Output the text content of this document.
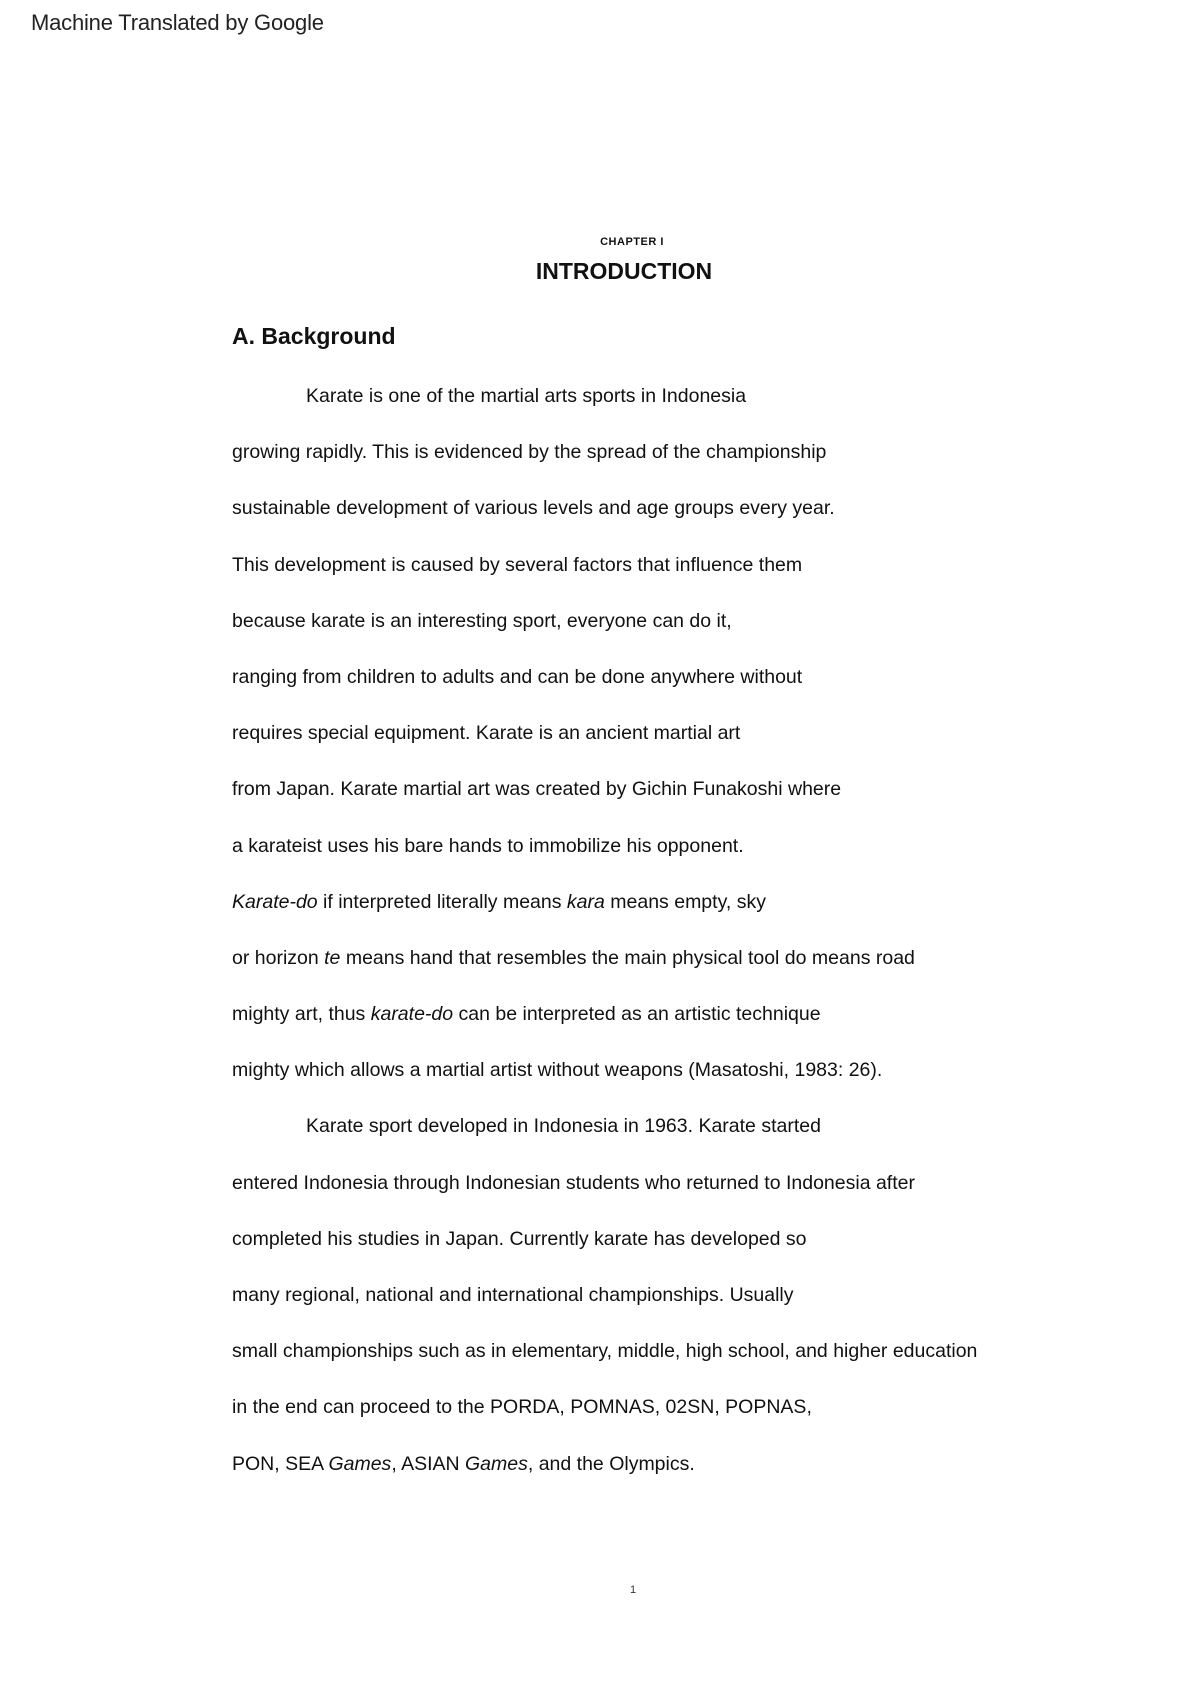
Machine Translated by Google
CHAPTER I
INTRODUCTION
A. Background
Karate is one of the martial arts sports in Indonesia
growing rapidly. This is evidenced by the spread of the championship
sustainable development of various levels and age groups every year.
This development is caused by several factors that influence them
because karate is an interesting sport, everyone can do it,
ranging from children to adults and can be done anywhere without
requires special equipment. Karate is an ancient martial art
from Japan. Karate martial art was created by Gichin Funakoshi where
a karateist uses his bare hands to immobilize his opponent.
Karate-do if interpreted literally means kara means empty, sky
or horizon te means hand that resembles the main physical tool do means road
mighty art, thus karate-do can be interpreted as an artistic technique
mighty which allows a martial artist without weapons (Masatoshi, 1983: 26).
Karate sport developed in Indonesia in 1963. Karate started
entered Indonesia through Indonesian students who returned to Indonesia after
completed his studies in Japan. Currently karate has developed so
many regional, national and international championships. Usually
small championships such as in elementary, middle, high school, and higher education
in the end can proceed to the PORDA, POMNAS, 02SN, POPNAS,
PON, SEA Games, ASIAN Games, and the Olympics.
1
